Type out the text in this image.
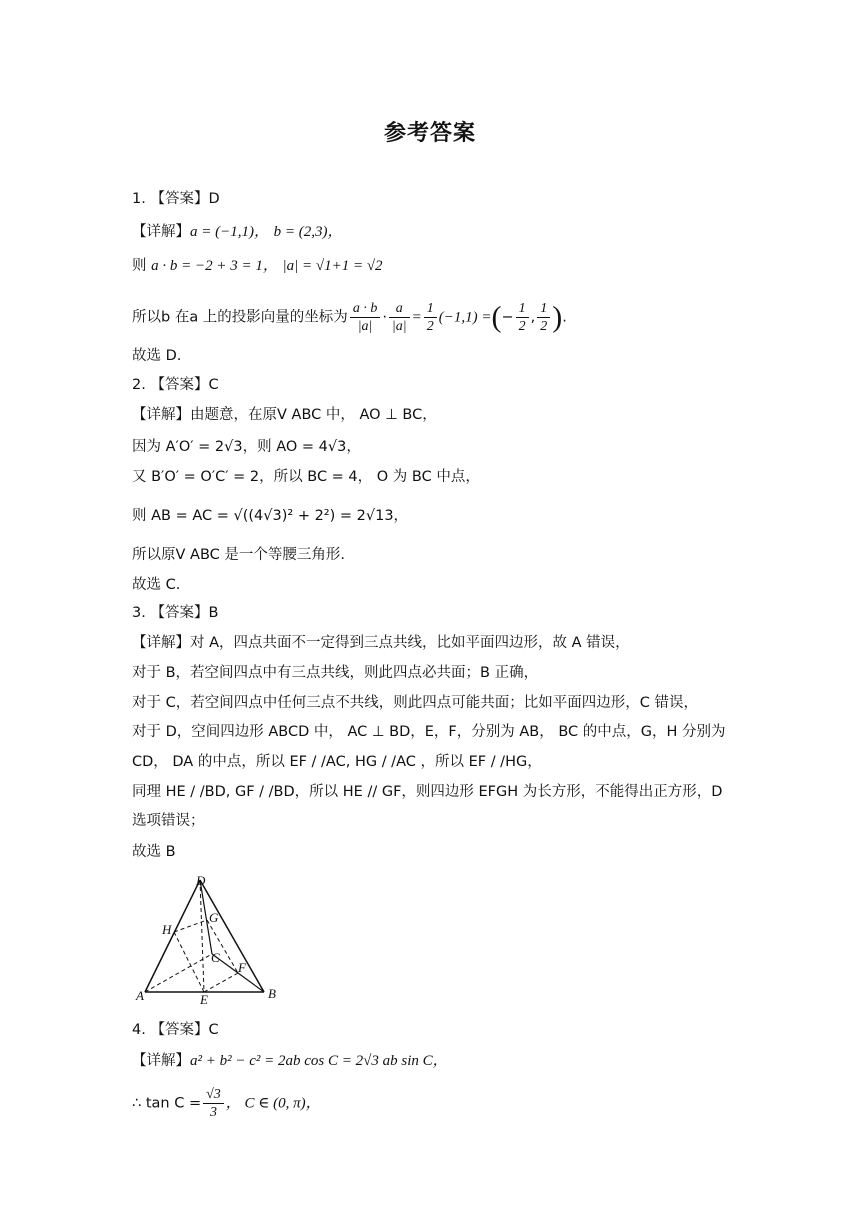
参考答案
1. 【答案】D
【详解】a = (−1,1)， b = (2,3)，
则 a · b = −2 + 3 = 1， |a| = √1+1 = √2
所以b 在a 上的投影向量的坐标为 $\frac{a \cdot b}{|a|} \cdot \frac{a}{|a|} = \frac{1}{2} (-1,1)$ =(− $\frac{1}{2}$ , $\frac{1}{2}$ ).
故选 D.
2. 【答案】C
【详解】由题意，在原V ABC 中， AO ⊥ BC，
因为 A′O′ = 2√3，则 AO = 4√3，
又 B′O′ = O′C′ = 2，所以 BC = 4， O 为 BC 中点，
则 AB = AC = √((4√3)² + 2²) = 2√13，
所以原V ABC 是一个等腰三角形.
故选 C.
3. 【答案】B
【详解】对 A，四点共面不一定得到三点共线，比如平面四边形，故 A 错误，
对于 B，若空间四点中有三点共线，则此四点必共面；B 正确，
对于 C，若空间四点中任何三点不共线，则此四点可能共面；比如平面四边形，C 错误，
对于 D，空间四边形 ABCD 中， AC ⊥ BD，E，F，分别为 AB， BC 的中点，G，H 分别为
CD， DA 的中点，所以 EF / /AC, HG / /AC ，所以 EF / /HG，
同理 HE / /BD, GF / /BD，所以 HE // GF，则四边形 EFGH 为长方形，不能得出正方形，D
选项错误；
故选 B
D
H
G
C
F
A	E	B
4. 【答案】C
【详解】a² + b² − c² = 2ab cos C = 2√3 ab sin C，
∴ $\tan C = \frac{√3}{3}$ ， C ∈ (0, π)，
